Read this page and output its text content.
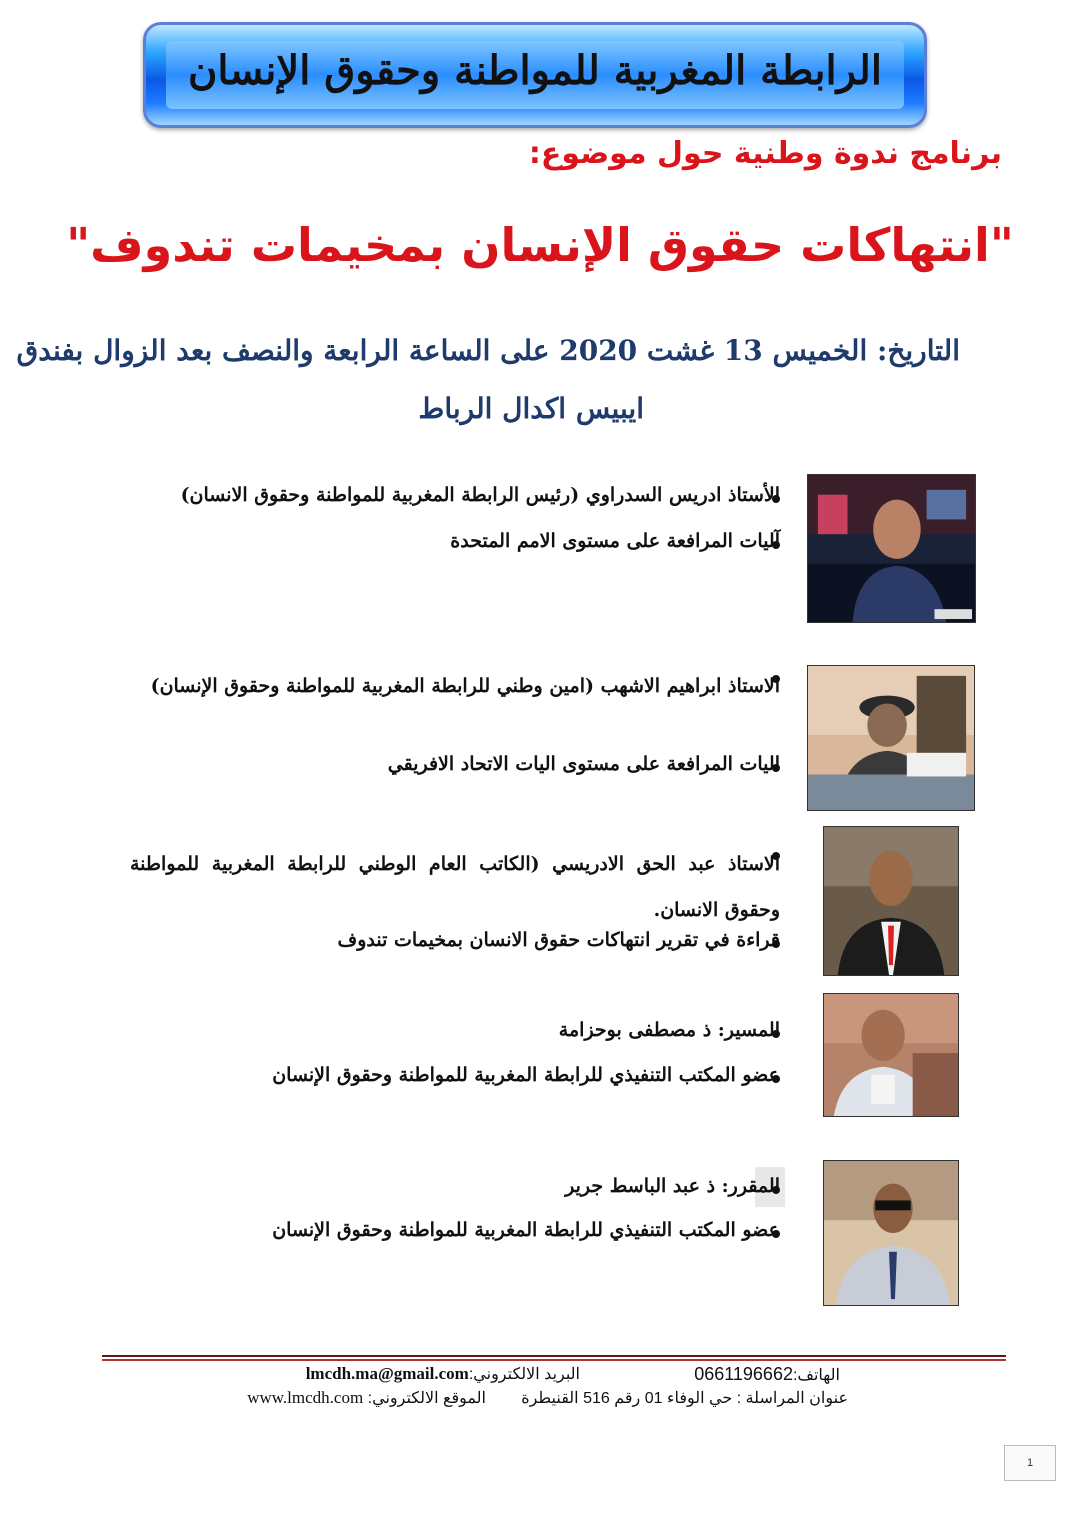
الرابطة المغربية للمواطنة وحقوق الإنسان
برنامج ندوة وطنية حول موضوع:
"انتهاكات حقوق الإنسان بمخيمات تندوف"
التاريخ: الخميس 13 غشت 2020 على الساعة الرابعة والنصف بعد الزوال بفندق
ايبيس اكدال الرباط
الأستاذ ادريس السدراوي (رئيس الرابطة المغربية للمواطنة وحقوق الانسان)
آليات المرافعة على مستوى الامم المتحدة
الاستاذ ابراهيم الاشهب (امين وطني للرابطة المغربية للمواطنة وحقوق الإنسان)
اليات المرافعة على مستوى اليات الاتحاد الافريقي
الاستاذ عبد الحق الادريسي (الكاتب العام الوطني للرابطة المغربية للمواطنة وحقوق الانسان.
قراءة في تقرير انتهاكات حقوق الانسان بمخيمات تندوف
المسير: ذ مصطفى بوحزامة
عضو المكتب التنفيذي للرابطة المغربية للمواطنة وحقوق الإنسان
المقرر: ذ عبد الباسط جرير
عضو المكتب التنفيذي للرابطة المغربية للمواطنة وحقوق الإنسان
الهاتف:0661196662
البريد الالكتروني:lmcdh.ma@gmail.com
عنوان المراسلة : حي الوفاء 01 رقم 516 القنيطرة
الموقع الالكتروني: www.lmcdh.com
1
